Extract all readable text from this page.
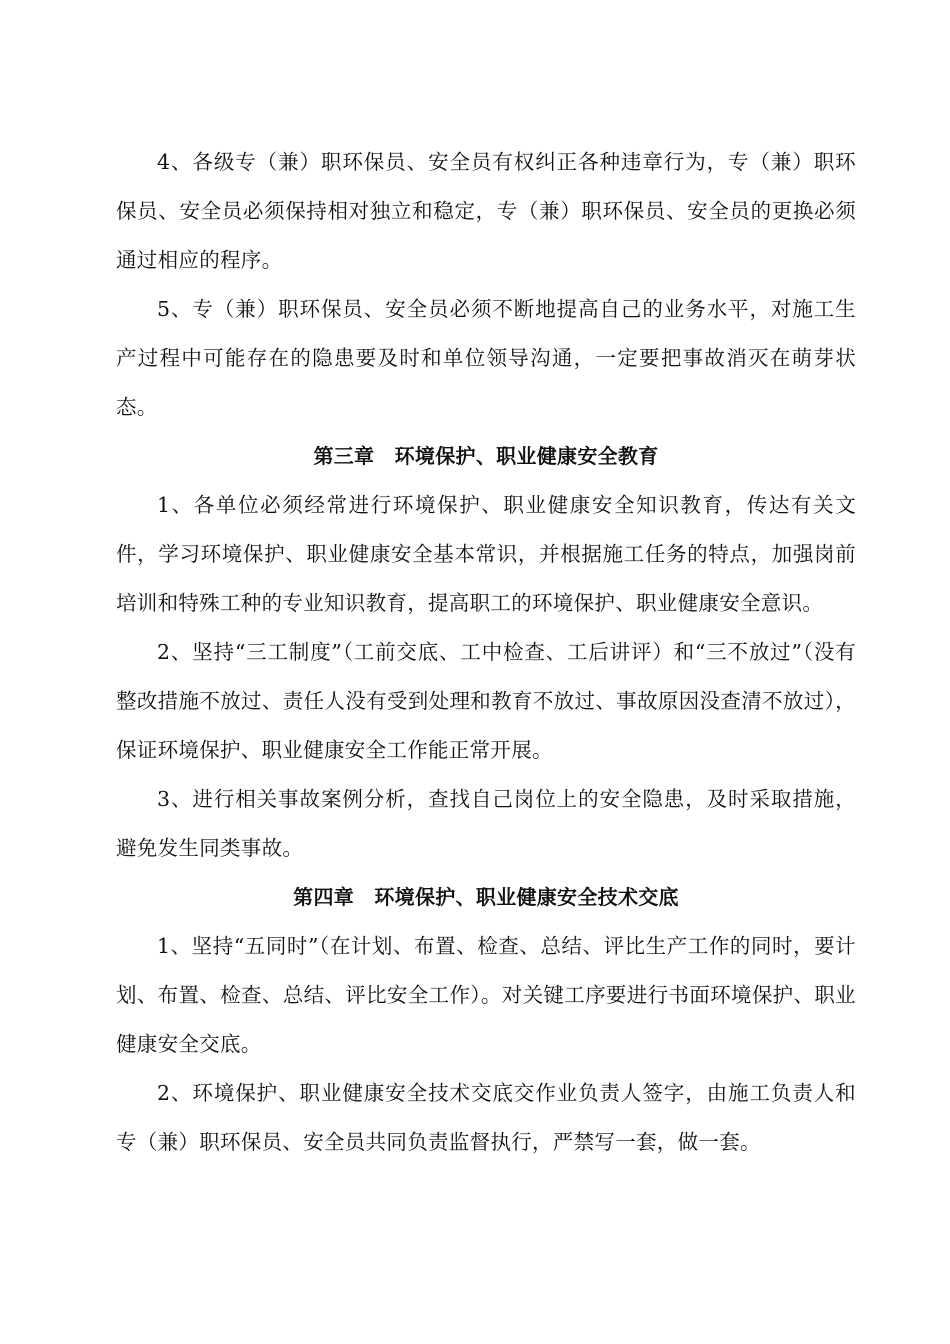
4、各级专（兼）职环保员、安全员有权纠正各种违章行为，专（兼）职环保员、安全员必须保持相对独立和稳定，专（兼）职环保员、安全员的更换必须通过相应的程序。

5、专（兼）职环保员、安全员必须不断地提高自己的业务水平，对施工生产过程中可能存在的隐患要及时和单位领导沟通，一定要把事故消灭在萌芽状态。

第三章　环境保护、职业健康安全教育

1、各单位必须经常进行环境保护、职业健康安全知识教育，传达有关文件，学习环境保护、职业健康安全基本常识，并根据施工任务的特点，加强岗前培训和特殊工种的专业知识教育，提高职工的环境保护、职业健康安全意识。

2、坚持“三工制度”（工前交底、工中检查、工后讲评）和“三不放过”（没有整改措施不放过、责任人没有受到处理和教育不放过、事故原因没查清不放过），保证环境保护、职业健康安全工作能正常开展。

3、进行相关事故案例分析，查找自己岗位上的安全隐患，及时采取措施，避免发生同类事故。

第四章　环境保护、职业健康安全技术交底

1、坚持“五同时”（在计划、布置、检查、总结、评比生产工作的同时，要计划、布置、检查、总结、评比安全工作）。对关键工序要进行书面环境保护、职业健康安全交底。

2、环境保护、职业健康安全技术交底交作业负责人签字，由施工负责人和专（兼）职环保员、安全员共同负责监督执行，严禁写一套，做一套。
